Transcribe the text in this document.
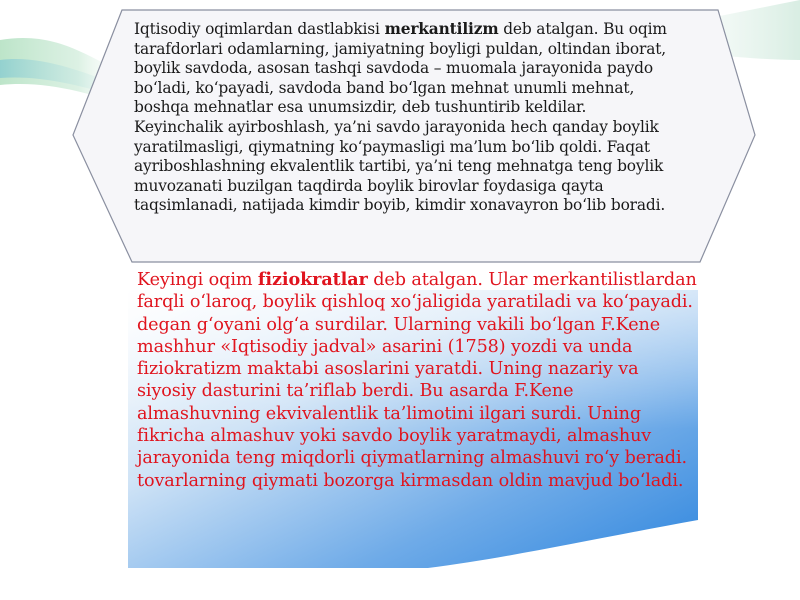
Iqtisodiy oqimlardan dastlabkisi merkantilizm deb atalgan. Bu oqim tarafdorlari odamlarning, jamiyatning boyligi puldan, oltindan iborat, boylik savdoda, asosan tashqi savdoda – muomala jarayonida paydo bo‘ladi, ko‘payadi, savdoda band bo‘lgan mehnat unumli mehnat, boshqa mehnatlar esa unumsizdir, deb tushuntirib keldilar. Keyinchalik ayirboshlash, ya’ni savdo jarayonida hech qanday boylik yaratilmasligi, qiymatning ko‘paymasligi ma’lum bo‘lib qoldi. Faqat ayriboshlashning ekvalentlik tartibi, ya’ni teng mehnatga teng boylik muvozanati buzilgan taqdirda boylik birovlar foydasiga qayta taqsimlanadi, natijada kimdir boyib, kimdir xonavayron bo‘lib boradi.
Keyingi oqim fiziokratlar deb atalgan. Ular merkantilistlardan farqli o‘laroq, boylik qishloq xo‘jaligida yaratiladi va ko‘payadi. degan g‘oyani olg‘a surdilar. Ularning vakili bo‘lgan F.Kene mashhur «Iqtisodiy jadval» asarini (1758) yozdi va unda fiziokratizm maktabi asoslarini yaratdi. Uning nazariy va siyosiy dasturini ta’riflab berdi. Bu asarda F.Kene almashuvning ekvivalentlik ta’limotini ilgari surdi. Uning fikricha almashuv yoki savdo boylik yaratmaydi, almashuv jarayonida teng miqdorli qiymatlarning almashuvi ro‘y beradi. tovarlarning qiymati bozorga kirmasdan oldin mavjud bo‘ladi.
